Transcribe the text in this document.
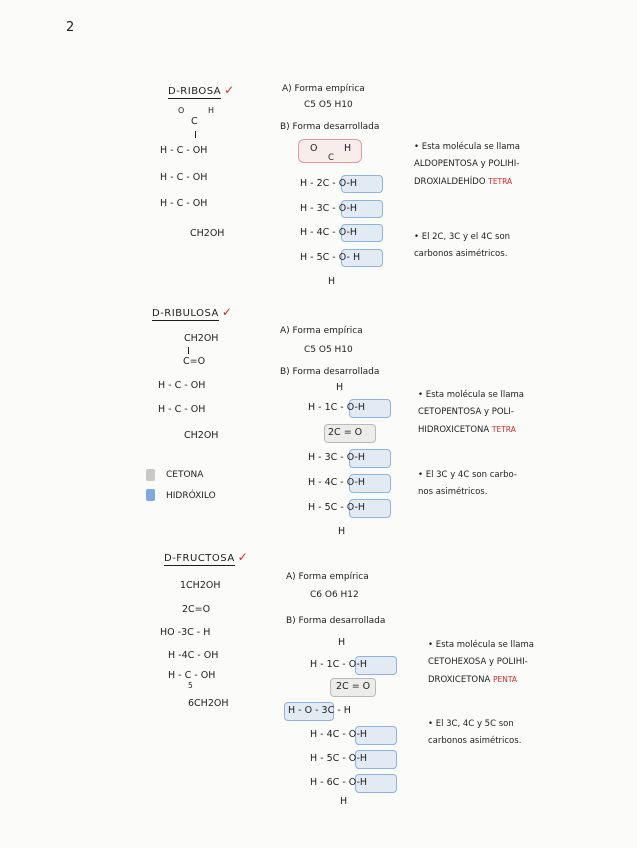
2
D-RIBOSA ✓
O	H
C
H - C - OH
H - C - OH
H - C - OH
CH2OH
A) Forma empírica
C5 O5 H10
B) Forma desarrollada
O	H
C
H - 2C - O-H
H - 3C - O-H
H - 4C - O-H
H - 5C - O- H
H
• Esta molécula se llama
ALDOPENTOSA y POLIHI-
DROXIALDEHÍDO TETRA
• El 2C, 3C y el 4C son
carbonos asimétricos.
D-RIBULOSA ✓
CH2OH
C=O
H - C - OH
H - C - OH
CH2OH
CETONA
HIDRÓXILO
A) Forma empírica
C5 O5 H10
B) Forma desarrollada
H
H - 1C - O-H
2C = O
H - 3C - O-H
H - 4C - O-H
H - 5C - O-H
H
• Esta molécula se llama
CETOPENTOSA y POLI-
HIDROXICETONA TETRA
• El 3C y 4C son carbo-
nos asimétricos.
D-FRUCTOSA ✓
1CH2OH
2C=O
HO -3C - H
H -4C - OH
H - C - OH
5
6CH2OH
A) Forma empírica
C6 O6 H12
B) Forma desarrollada
H
H - 1C - O-H
2C = O
H - O - 3C - H
H - 4C - O-H
H - 5C - O-H
H - 6C - O-H
H
• Esta molécula se llama
CETOHEXOSA y POLIHI-
DROXICETONA PENTA
• El 3C, 4C y 5C son
carbonos asimétricos.
